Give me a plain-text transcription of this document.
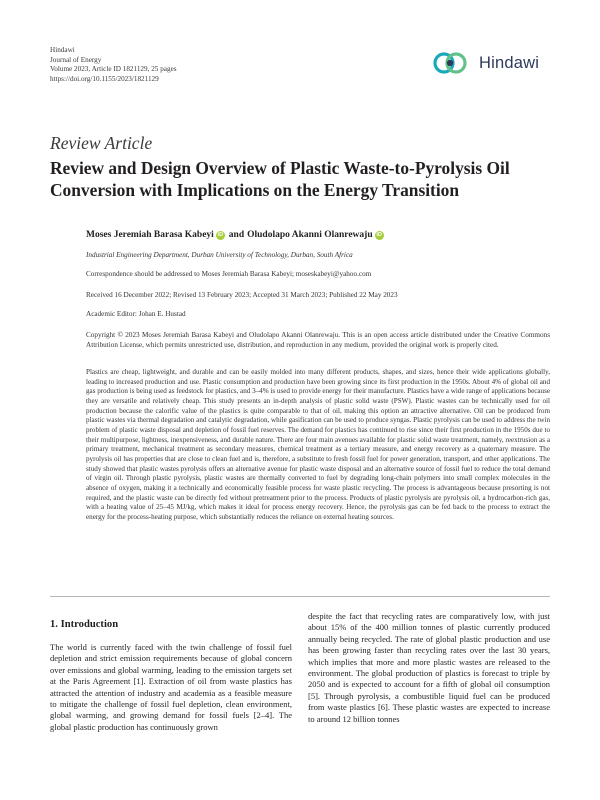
Hindawi
Journal of Energy
Volume 2023, Article ID 1821129, 25 pages
https://doi.org/10.1155/2023/1821129
Hindawi
Review Article
Review and Design Overview of Plastic Waste-to-Pyrolysis Oil Conversion with Implications on the Energy Transition
Moses Jeremiah Barasa Kabeyi iD and Oludolapo Akanni Olanrewaju iD
Industrial Engineering Department, Durban University of Technology, Durban, South Africa
Correspondence should be addressed to Moses Jeremiah Barasa Kabeyi; moseskabeyi@yahoo.com
Received 16 December 2022; Revised 13 February 2023; Accepted 31 March 2023; Published 22 May 2023
Academic Editor: Johan E. Hustad
Copyright © 2023 Moses Jeremiah Barasa Kabeyi and Oludolapo Akanni Olanrewaju. This is an open access article distributed under the Creative Commons Attribution License, which permits unrestricted use, distribution, and reproduction in any medium, provided the original work is properly cited.
Plastics are cheap, lightweight, and durable and can be easily molded into many different products, shapes, and sizes, hence their wide applications globally, leading to increased production and use. Plastic consumption and production have been growing since its first production in the 1950s. About 4% of global oil and gas production is being used as feedstock for plastics, and 3–4% is used to provide energy for their manufacture. Plastics have a wide range of applications because they are versatile and relatively cheap. This study presents an in-depth analysis of plastic solid waste (PSW). Plastic wastes can be technically used for oil production because the calorific value of the plastics is quite comparable to that of oil, making this option an attractive alternative. Oil can be produced from plastic wastes via thermal degradation and catalytic degradation, while gasification can be used to produce syngas. Plastic pyrolysis can be used to address the twin problem of plastic waste disposal and depletion of fossil fuel reserves. The demand for plastics has continued to rise since their first production in the 1950s due to their multipurpose, lightness, inexpensiveness, and durable nature. There are four main avenues available for plastic solid waste treatment, namely, reextrusion as a primary treatment, mechanical treatment as secondary measures, chemical treatment as a tertiary measure, and energy recovery as a quaternary measure. The pyrolysis oil has properties that are close to clean fuel and is, therefore, a substitute to fresh fossil fuel for power generation, transport, and other applications. The study showed that plastic wastes pyrolysis offers an alternative avenue for plastic waste disposal and an alternative source of fossil fuel to reduce the total demand of virgin oil. Through plastic pyrolysis, plastic wastes are thermally converted to fuel by degrading long-chain polymers into small complex molecules in the absence of oxygen, making it a technically and economically feasible process for waste plastic recycling. The process is advantageous because presorting is not required, and the plastic waste can be directly fed without pretreatment prior to the process. Products of plastic pyrolysis are pyrolysis oil, a hydrocarbon-rich gas, with a heating value of 25–45 MJ/kg, which makes it ideal for process energy recovery. Hence, the pyrolysis gas can be fed back to the process to extract the energy for the process-heating purpose, which substantially reduces the reliance on external heating sources.
1. Introduction
The world is currently faced with the twin challenge of fossil fuel depletion and strict emission requirements because of global concern over emissions and global warming, leading to the emission targets set at the Paris Agreement [1]. Extraction of oil from waste plastics has attracted the attention of industry and academia as a feasible measure to mitigate the challenge of fossil fuel depletion, clean environment, global warming, and growing demand for fossil fuels [2–4]. The global plastic production has continuously grown
despite the fact that recycling rates are comparatively low, with just about 15% of the 400 million tonnes of plastic currently produced annually being recycled. The rate of global plastic production and use has been growing faster than recycling rates over the last 30 years, which implies that more and more plastic wastes are released to the environment. The global production of plastics is forecast to triple by 2050 and is expected to account for a fifth of global oil consumption [5]. Through pyrolysis, a combustible liquid fuel can be produced from waste plastics [6]. These plastic wastes are expected to increase to around 12 billion tonnes
